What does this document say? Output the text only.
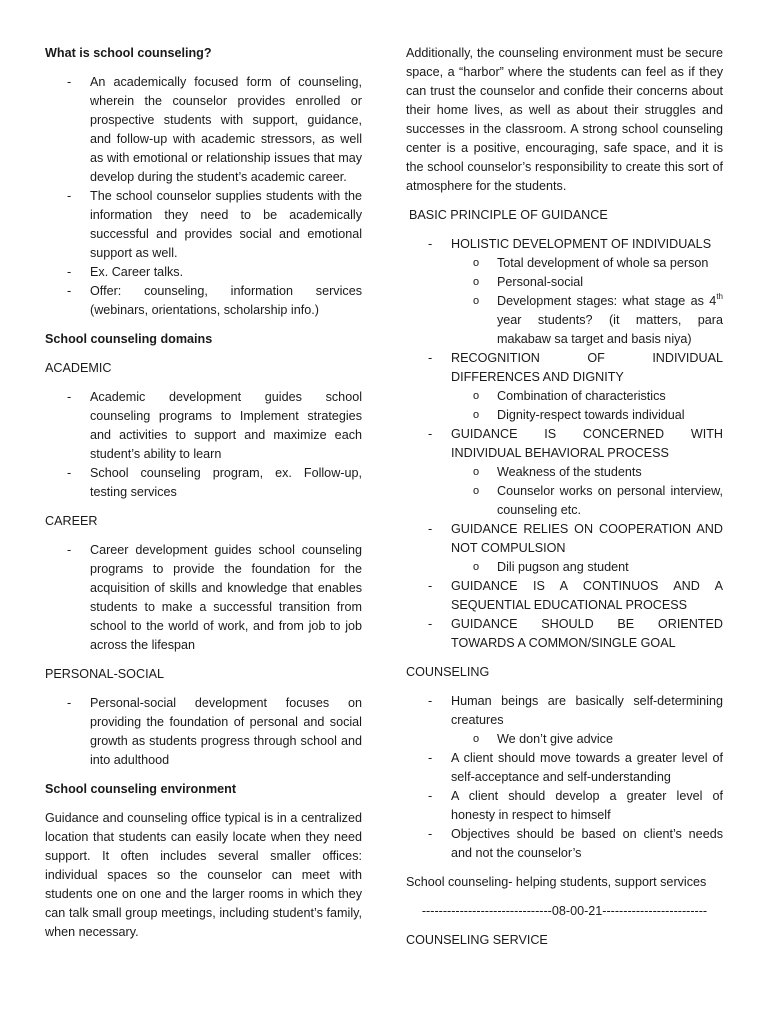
What is school counseling?

- An academically focused form of counseling, wherein the counselor provides enrolled or prospective students with support, guidance, and follow-up with academic stressors, as well as with emotional or relationship issues that may develop during the student’s academic career.
- The school counselor supplies students with the information they need to be academically successful and provides social and emotional support as well.
- Ex. Career talks.
- Offer: counseling, information services (webinars, orientations, scholarship info.)

School counseling domains

ACADEMIC

- Academic development guides school counseling programs to Implement strategies and activities to support and maximize each student’s ability to learn
- School counseling program, ex. Follow-up, testing services

CAREER

- Career development guides school counseling programs to provide the foundation for the acquisition of skills and knowledge that enables students to make a successful transition from school to the world of work, and from job to job across the lifespan

PERSONAL-SOCIAL

- Personal-social development focuses on providing the foundation of personal and social growth as students progress through school and into adulthood

School counseling environment

Guidance and counseling office typical is in a centralized location that students can easily locate when they need support. It often includes several smaller offices: individual spaces so the counselor can meet with students one on one and the larger rooms in which they can talk small group meetings, including student’s family, when necessary.

Additionally, the counseling environment must be secure space, a “harbor” where the students can feel as if they can trust the counselor and confide their concerns about their home lives, as well as about their struggles and successes in the classroom. A strong school counseling center is a positive, encouraging, safe space, and it is the school counselor’s responsibility to create this sort of atmosphere for the students.

BASIC PRINCIPLE OF GUIDANCE

- HOLISTIC DEVELOPMENT OF INDIVIDUALS
o Total development of whole sa person
o Personal-social
o Development stages: what stage as 4th year students? (it matters, para makabaw sa target and basis niya)
- RECOGNITION OF INDIVIDUAL DIFFERENCES AND DIGNITY
o Combination of characteristics
o Dignity-respect towards individual
- GUIDANCE IS CONCERNED WITH INDIVIDUAL BEHAVIORAL PROCESS
o Weakness of the students
o Counselor works on personal interview, counseling etc.
- GUIDANCE RELIES ON COOPERATION AND NOT COMPULSION
o Dili pugson ang student
- GUIDANCE IS A CONTINUOS AND A SEQUENTIAL EDUCATIONAL PROCESS
- GUIDANCE SHOULD BE ORIENTED TOWARDS A COMMON/SINGLE GOAL

COUNSELING

- Human beings are basically self-determining creatures
o We don’t give advice
- A client should move towards a greater level of self-acceptance and self-understanding
- A client should develop a greater level of honesty in respect to himself
- Objectives should be based on client’s needs and not the counselor’s

School counseling- helping students, support services

-------------------------------08-00-21-------------------------

COUNSELING SERVICE
